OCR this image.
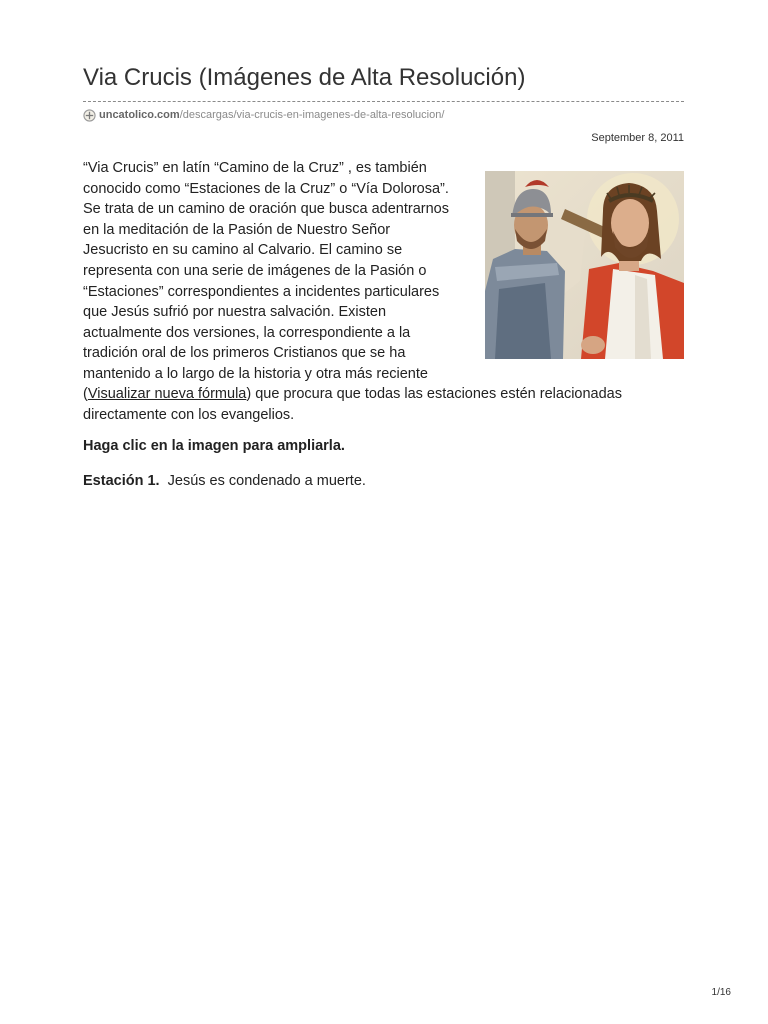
Via Crucis (Imágenes de Alta Resolución)
uncatolico.com /descargas/via-crucis-en-imagenes-de-alta-resolucion/
September 8, 2011
“Via Crucis” en latín “Camino de la Cruz” , es también
conocido como “Estaciones de la Cruz” o “Vía Dolorosa”.
Se trata de un camino de oración que busca adentrarnos
en la meditación de la Pasión de Nuestro Señor
Jesucristo en su camino al Calvario. El camino se
representa con una serie de imágenes de la Pasión o
“Estaciones” correspondientes a incidentes particulares
que Jesús sufrió por nuestra salvación. Existen
actualmente dos versiones, la correspondiente a la
tradición oral de los primeros Cristianos que se ha
mantenido a lo largo de la historia y otra más reciente
(Visualizar nueva fórmula) que procura que todas las estaciones estén relacionadas
directamente con los evangelios.
Haga clic en la imagen para ampliarla.
Estación 1. Jesús es condenado a muerte.
1/16
